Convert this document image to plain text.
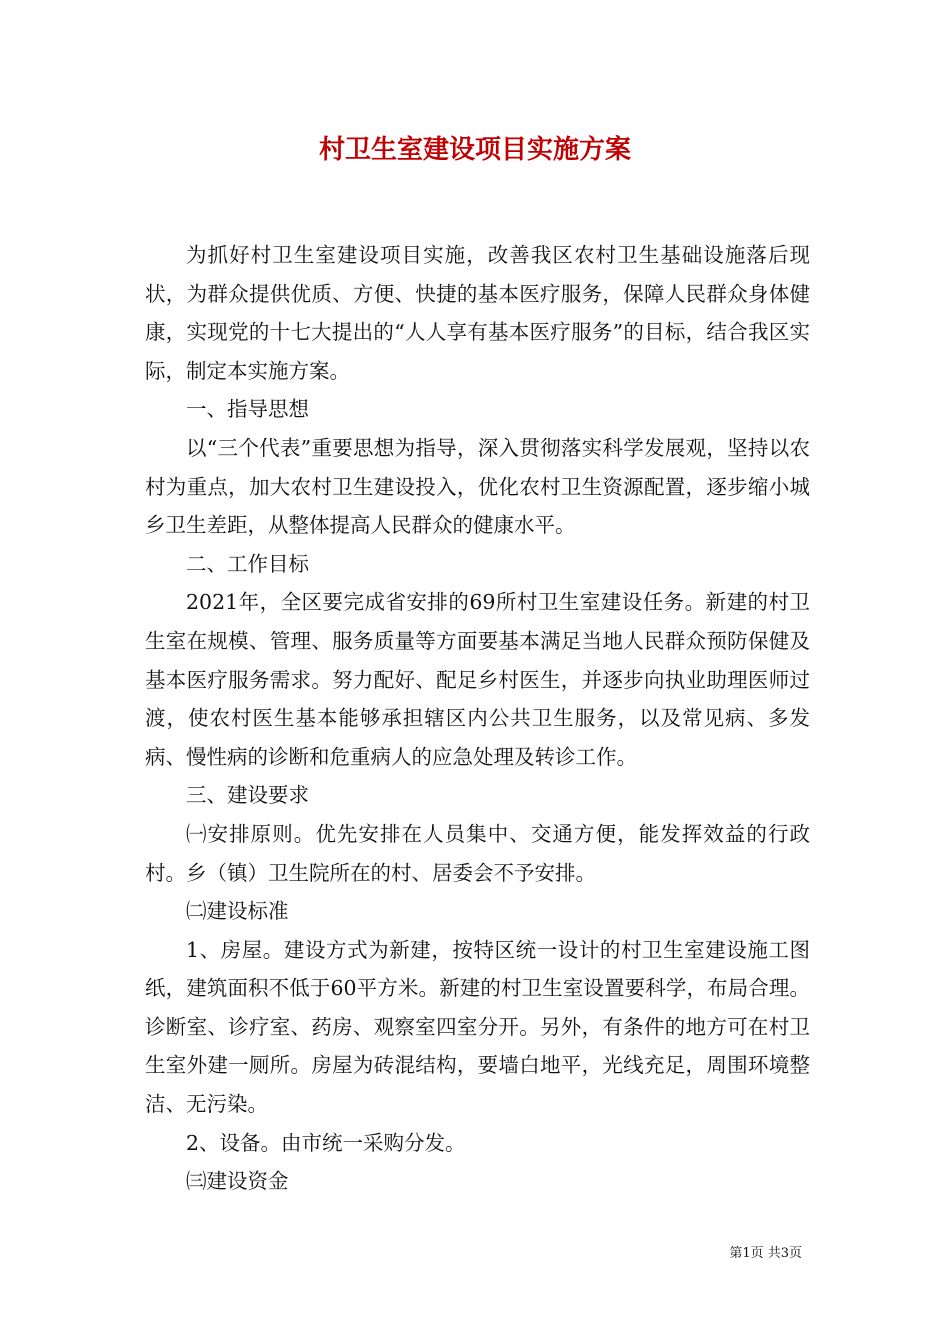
村卫生室建设项目实施方案

为抓好村卫生室建设项目实施，改善我区农村卫生基础设施落后现状，为群众提供优质、方便、快捷的基本医疗服务，保障人民群众身体健康，实现党的十七大提出的“人人享有基本医疗服务”的目标，结合我区实际，制定本实施方案。

一、指导思想

以“三个代表”重要思想为指导，深入贯彻落实科学发展观，坚持以农村为重点，加大农村卫生建设投入，优化农村卫生资源配置，逐步缩小城乡卫生差距，从整体提高人民群众的健康水平。

二、工作目标

2021年，全区要完成省安排的69所村卫生室建设任务。新建的村卫生室在规模、管理、服务质量等方面要基本满足当地人民群众预防保健及基本医疗服务需求。努力配好、配足乡村医生，并逐步向执业助理医师过渡，使农村医生基本能够承担辖区内公共卫生服务，以及常见病、多发病、慢性病的诊断和危重病人的应急处理及转诊工作。

三、建设要求

㈠安排原则。优先安排在人员集中、交通方便，能发挥效益的行政村。乡（镇）卫生院所在的村、居委会不予安排。

㈡建设标准

1、房屋。建设方式为新建，按特区统一设计的村卫生室建设施工图纸，建筑面积不低于60平方米。新建的村卫生室设置要科学，布局合理。诊断室、诊疗室、药房、观察室四室分开。另外，有条件的地方可在村卫生室外建一厕所。房屋为砖混结构，要墙白地平，光线充足，周围环境整洁、无污染。

2、设备。由市统一采购分发。

㈢建设资金

第1页 共3页
